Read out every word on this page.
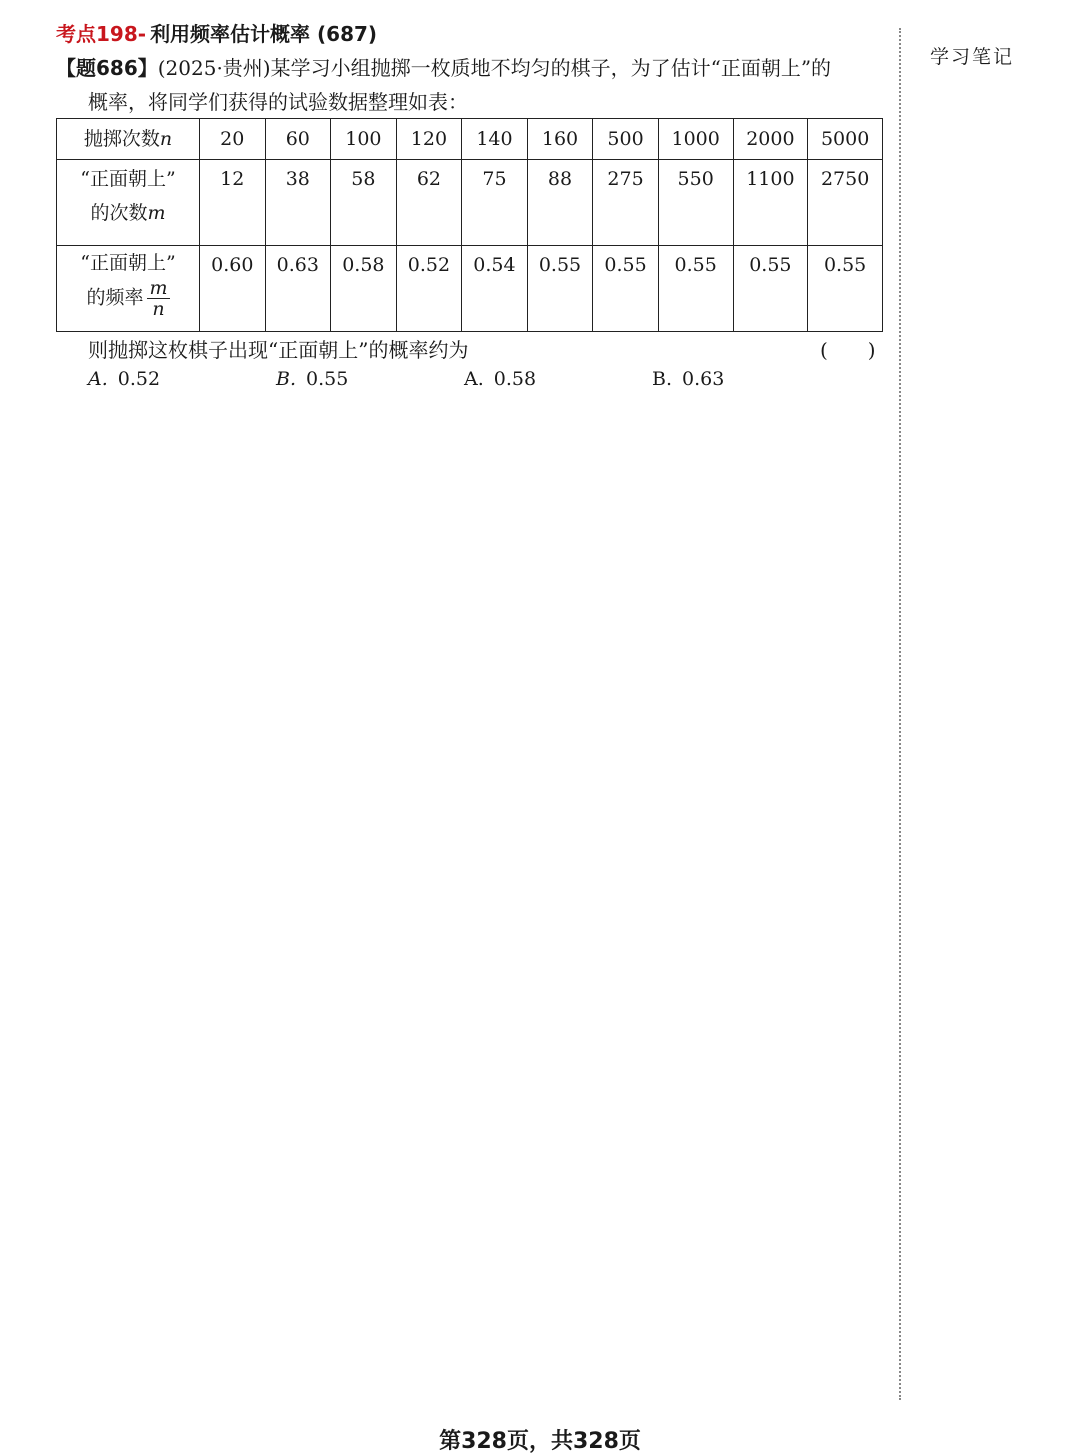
考点198- 利用频率估计概率 (687)
【题686】(2025·贵州)某学习小组抛掷一枚质地不均匀的棋子，为了估计“正面朝上”的
概率，将同学们获得的试验数据整理如表：
抛掷次数n	20	60	100	120	140	160	500	1000	2000	5000

“正面朝上”
的次数m	12	38	58	62	75	88	275	550	1100	2750

“正面朝上”
的频率 $\frac{m}{n}$	0.60	0.63	0.58	0.52	0.54	0.55	0.55	0.55	0.55	0.55
则抛掷这枚棋子出现“正面朝上”的概率约为	(　　)
A. 0.52	B. 0.55	A. 0.58	B. 0.63
学习笔记
第328页，共328页
